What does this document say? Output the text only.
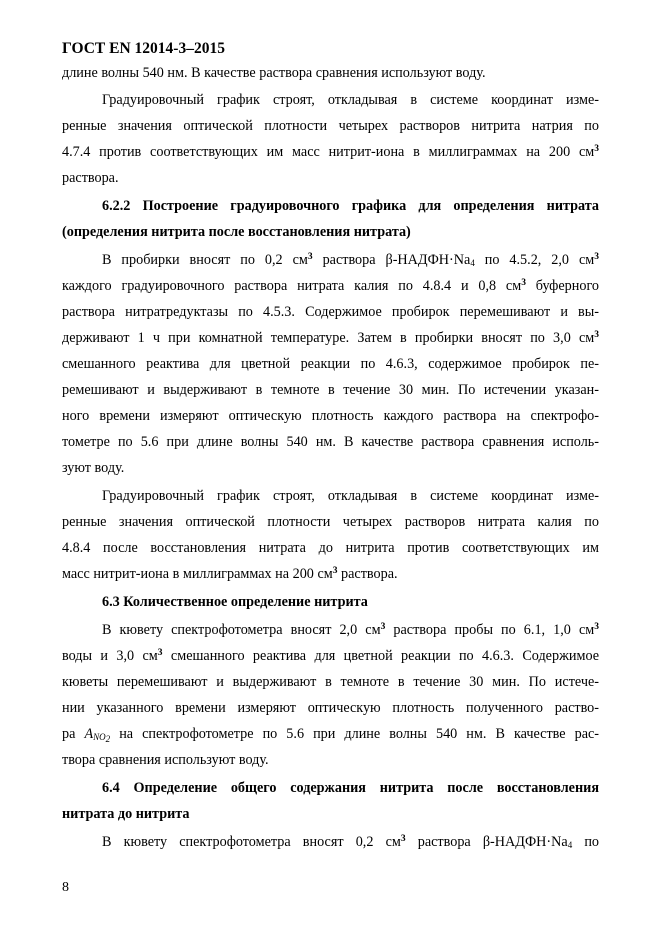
ГОСТ EN 12014-3–2015
длине волны 540 нм. В качестве раствора сравнения используют воду.
Градуировочный график строят, откладывая в системе координат изме-
ренные значения оптической плотности четырех растворов нитрита натрия по
4.7.4 против соответствующих им масс нитрит-иона в миллиграммах на 200 $см^3$
раствора.
6.2.2 Построение градуировочного графика для определения нитрата
(определения нитрита после восстановления нитрата)
В пробирки вносят по 0,2 $см^3$ раствора $\beta-НАДФН\cdot Na_4$ по 4.5.2, 2,0 $см^3$
каждого градуировочного раствора нитрата калия по 4.8.4 и 0,8 $см^3$ буферного
раствора нитратредуктазы по 4.5.3. Содержимое пробирок перемешивают и вы-
держивают 1 ч при комнатной температуре. Затем в пробирки вносят по 3,0 $см^3$
смешанного реактива для цветной реакции по 4.6.3, содержимое пробирок пе-
ремешивают и выдерживают в темноте в течение 30 мин. По истечении указан-
ного времени измеряют оптическую плотность каждого раствора на спектрофо-
тометре по 5.6 при длине волны 540 нм. В качестве раствора сравнения исполь-
зуют воду.
Градуировочный график строят, откладывая в системе координат изме-
ренные значения оптической плотности четырех растворов нитрата калия по
4.8.4 после восстановления нитрата до нитрита против соответствующих им
масс нитрит-иона в миллиграммах на 200 $см^3$ раствора.
6.3 Количественное определение нитрита
В кювету спектрофотометра вносят 2,0 $см^3$ раствора пробы по 6.1, 1,0 $см^3$
воды и 3,0 $см^3$ смешанного реактива для цветной реакции по 4.6.3. Содержимое
кюветы перемешивают и выдерживают в темноте в течение 30 мин. По истече-
нии указанного времени измеряют оптическую плотность полученного раство-
ра $A_{NO_2}$ на спектрофотометре по 5.6 при длине волны 540 нм. В качестве рас-
твора сравнения используют воду.
6.4 Определение общего содержания нитрита после восстановления
нитрата до нитрита
В кювету спектрофотометра вносят 0,2 $см^3$ раствора $\beta-НАДФН\cdot Na_4$ по
8
